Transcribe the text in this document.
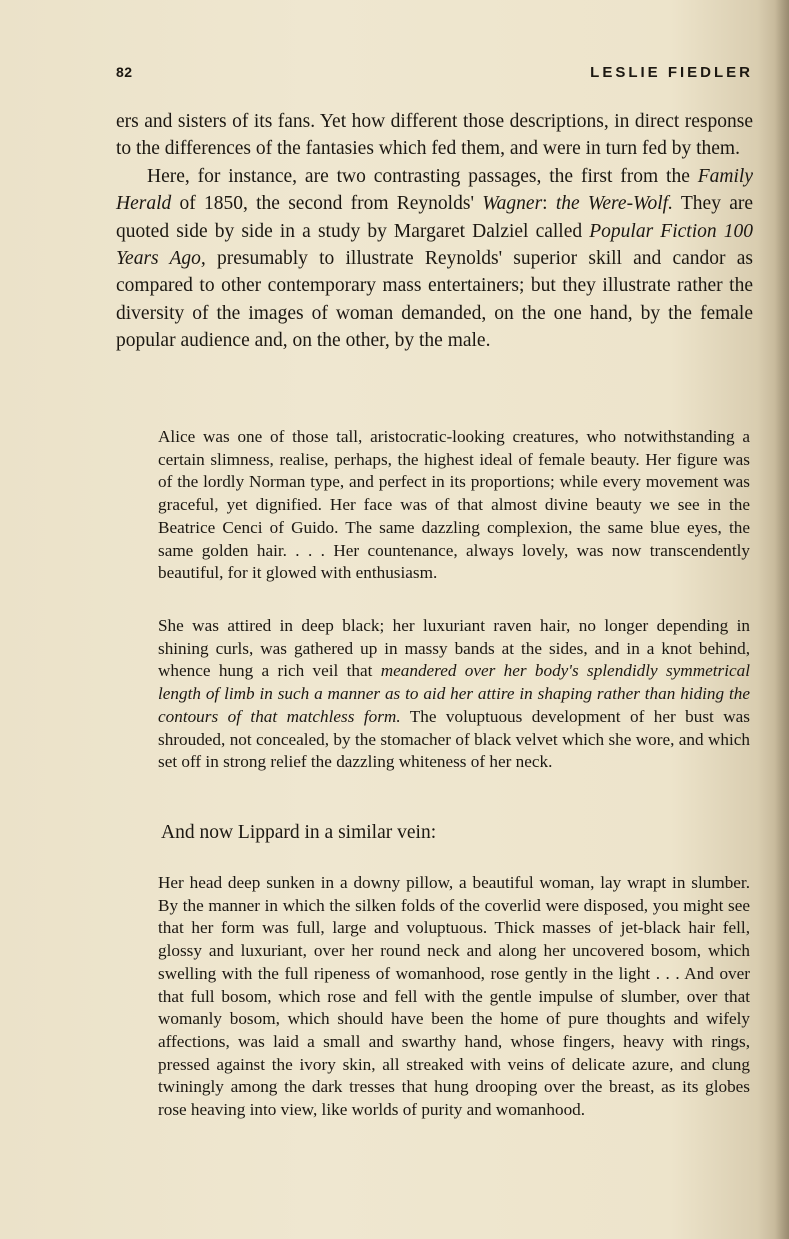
82	LESLIE FIEDLER

ers and sisters of its fans. Yet how different those descriptions, in direct response to the differences of the fantasies which fed them, and were in turn fed by them.

Here, for instance, are two contrasting passages, the first from the Family Herald of 1850, the second from Reynolds' Wagner: the Were-Wolf. They are quoted side by side in a study by Margaret Dalziel called Popular Fiction 100 Years Ago, presumably to illustrate Reynolds' superior skill and candor as compared to other contemporary mass entertainers; but they illustrate rather the diversity of the images of woman demanded, on the one hand, by the female popular audience and, on the other, by the male.

Alice was one of those tall, aristocratic-looking creatures, who notwithstanding a certain slimness, realise, perhaps, the highest ideal of female beauty. Her figure was of the lordly Norman type, and perfect in its proportions; while every movement was graceful, yet dignified. Her face was of that almost divine beauty we see in the Beatrice Cenci of Guido. The same dazzling complexion, the same blue eyes, the same golden hair. . . . Her countenance, always lovely, was now transcendently beautiful, for it glowed with enthusiasm.

She was attired in deep black; her luxuriant raven hair, no longer depending in shining curls, was gathered up in massy bands at the sides, and in a knot behind, whence hung a rich veil that meandered over her body's splendidly symmetrical length of limb in such a manner as to aid her attire in shaping rather than hiding the contours of that matchless form. The voluptuous development of her bust was shrouded, not concealed, by the stomacher of black velvet which she wore, and which set off in strong relief the dazzling whiteness of her neck.

And now Lippard in a similar vein:

Her head deep sunken in a downy pillow, a beautiful woman, lay wrapt in slumber. By the manner in which the silken folds of the coverlid were disposed, you might see that her form was full, large and voluptuous. Thick masses of jet-black hair fell, glossy and luxuriant, over her round neck and along her uncovered bosom, which swelling with the full ripeness of womanhood, rose gently in the light . . . And over that full bosom, which rose and fell with the gentle impulse of slumber, over that womanly bosom, which should have been the home of pure thoughts and wifely affections, was laid a small and swarthy hand, whose fingers, heavy with rings, pressed against the ivory skin, all streaked with veins of delicate azure, and clung twiningly among the dark tresses that hung drooping over the breast, as its globes rose heaving into view, like worlds of purity and womanhood.
